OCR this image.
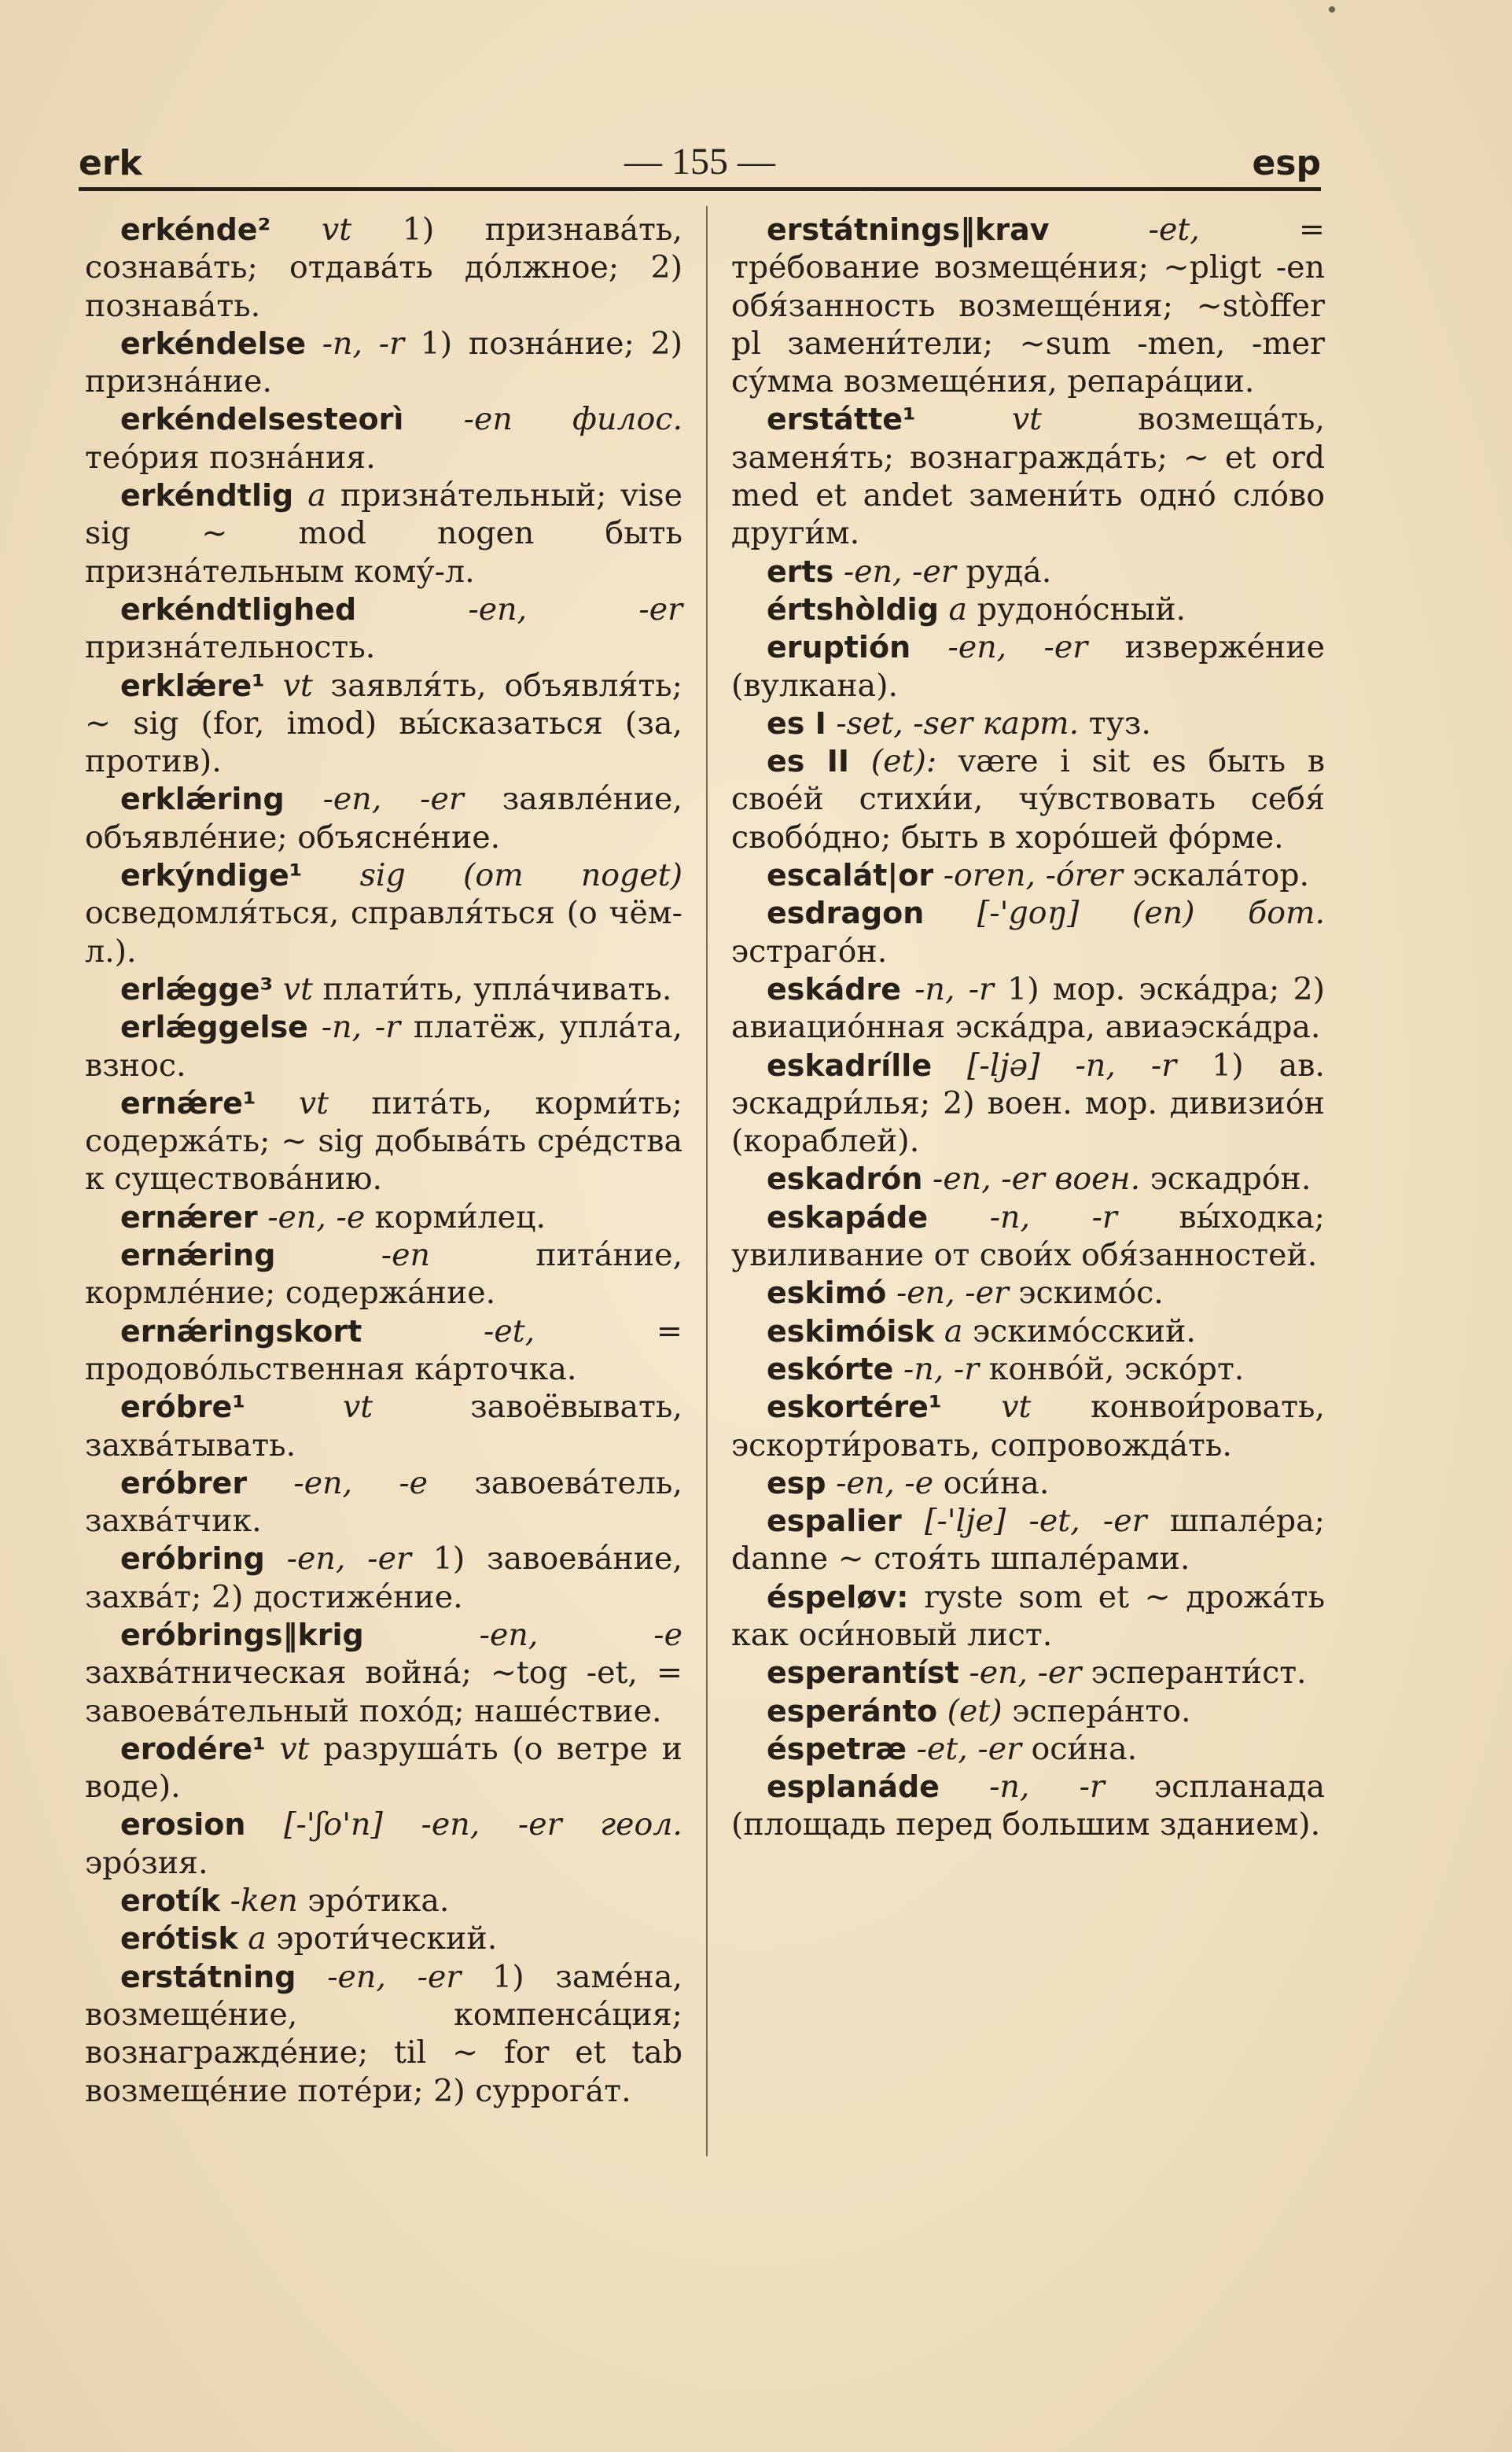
erk	— 155 —	esp

erkénde² vt 1) признава́ть, сознава́ть; отдава́ть до́лжное; 2) познава́ть.

erkéndelse -n, -r 1) позна́ние; 2) призна́ние.

erkéndelsesteorì -en филос. тео́рия позна́ния.

erkéndtlig a призна́тельный; vise sig ~ mod nogen быть призна́тельным кому́-л.

erkéndtlighed	-en, -er призна́тельность.

erklǽre¹ vt заявля́ть, объявля́ть; ~ sig (for, imod) вы́сказаться (за, против).

erklǽring -en, -er заявле́ние, объявле́ние; объясне́ние.

erkýndige¹ sig (om noget) осведомля́ться, справля́ться (о чём-л.).

erlǽgge³ vt плати́ть, упла́чивать.

erlǽggelse -n, -r платёж, упла́та, взнос.

ernǽre¹ vt пита́ть, корми́ть; содержа́ть; ~ sig добыва́ть сре́дства к существова́нию.

ernǽrer -en, -e корми́лец.

ernǽring	-en	пита́ние, кормле́ние; содержа́ние.

ernǽringskort	-et, = продово́льственная ка́рточка.

eróbre¹	vt	завоёвывать, захва́тывать.

eróbrer -en, -e завоева́тель, захва́тчик.

eróbring -en, -er 1) завоева́ние, захва́т; 2) достиже́ние.

eróbrings‖krig	-en, -e захва́тническая война́; ~tog -et, = завоева́тельный похо́д; наше́ствие.

erodére¹ vt разруша́ть (о ветре и воде).

erosion [-'ʃo'n] -en, -er геол. эро́зия.

erotík -ken эро́тика.

erótisk a эроти́ческий.

erstátning -en, -er 1) заме́на, возмеще́ние, компенса́ция; вознагражде́ние; til ~ for et tab возмеще́ние поте́ри; 2) суррога́т.

erstátnings‖krav	-et, = тре́бование возмеще́ния; ~pligt -en обя́занность возмеще́ния; ~stòffer pl замени́тели; ~sum -men, -mer су́мма возмеще́ния, репара́ции.

erstátte¹	vt	возмеща́ть, заменя́ть; вознагражда́ть; ~ et ord med et andet замени́ть одно́ сло́во други́м.

erts -en, -er руда́.

értshòldig a рудоно́сный.

eruptión -en, -er изверже́ние (вулкана).

es I -set, -ser карт. туз.

es II (et): være i sit es быть в свое́й стихи́и, чу́вствовать себя́ свобо́дно; быть в хоро́шей фо́рме.

escalát|or -oren, -órer эскала́тор.

esdragon [-'goŋ] (en) бот. эстраго́н.

eskádre -n, -r 1) мор. эска́дра; 2) авиацио́нная эска́дра, авиаэска́дра.

eskadrílle [-ljə] -n, -r 1) ав. эскадри́лья; 2) воен. мор. дивизио́н (кораблей).

eskadrón -en, -er воен. эскадро́н.

eskapáde -n, -r вы́ходка; увиливание от свои́х обя́занностей.

eskimó -en, -er эскимо́с.

eskimóisk a эскимо́сский.

eskórte -n, -r конво́й, эско́рт.

eskortére¹ vt конвои́ровать, эскорти́ровать, сопровожда́ть.

esp -en, -e оси́на.

espalier [-'lje] -et, -er шпале́ра; danne ~ стоя́ть шпале́рами.

éspeløv: ryste som et ~ дрожа́ть как оси́новый лист.

esperantíst -en, -er эсперанти́ст.

esperánto (et) эспера́нто.

éspetræ -et, -er оси́на.

esplanáde -n, -r эспланада (площадь перед большим зданием).
